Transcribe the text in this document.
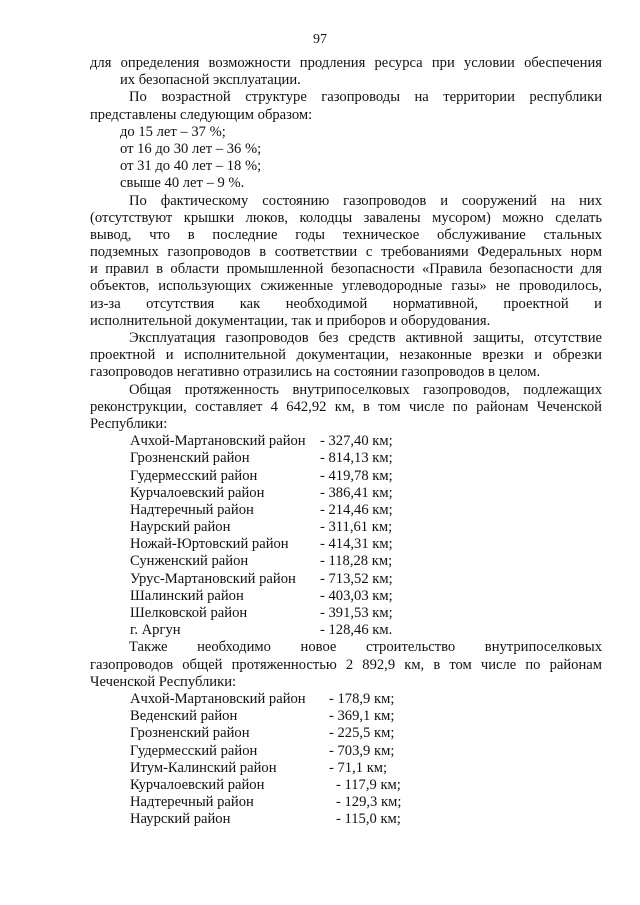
97
для определения возможности продления ресурса при условии обеспечения
их безопасной эксплуатации.
По возрастной структуре газопроводы на территории республики
представлены следующим образом:
до 15 лет – 37 %;
от 16 до 30 лет – 36 %;
от 31 до 40 лет – 18 %;
свыше 40 лет – 9 %.
По фактическому состоянию газопроводов и сооружений на них
(отсутствуют крышки люков, колодцы завалены мусором) можно сделать
вывод, что в последние годы техническое обслуживание стальных
подземных газопроводов в соответствии с требованиями Федеральных норм
и правил в области промышленной безопасности «Правила безопасности для
объектов, использующих сжиженные углеводородные газы» не проводилось,
из-за отсутствия как необходимой нормативной, проектной и
исполнительной документации, так и приборов и оборудования.
Эксплуатация газопроводов без средств активной защиты, отсутствие
проектной и исполнительной документации, незаконные врезки и обрезки
газопроводов негативно отразились на состоянии газопроводов в целом.
Общая протяженность внутрипоселковых газопроводов, подлежащих
реконструкции, составляет 4 642,92 км, в том числе по районам Чеченской
Республики:
Ачхой-Мартановский район - 327,40 км;
Грозненский район	- 814,13 км;
Гудермесский район	- 419,78 км;
Курчалоевский район	- 386,41 км;
Надтеречный район	- 214,46 км;
Наурский район	- 311,61 км;
Ножай-Юртовский район	- 414,31 км;
Сунженский район	- 118,28 км;
Урус-Мартановский район	- 713,52 км;
Шалинский район	- 403,03 км;
Шелковской район	- 391,53 км;
г. Аргун	- 128,46 км.
Также необходимо новое строительство внутрипоселковых
газопроводов общей протяженностью 2 892,9 км, в том числе по районам
Чеченской Республики:
Ачхой-Мартановский район	- 178,9 км;
Веденский район	- 369,1 км;
Грозненский район	- 225,5 км;
Гудермесский район	- 703,9 км;
Итум-Калинский район	- 71,1 км;
Курчалоевский район	- 117,9 км;
Надтеречный район	- 129,3 км;
Наурский район	- 115,0 км;
